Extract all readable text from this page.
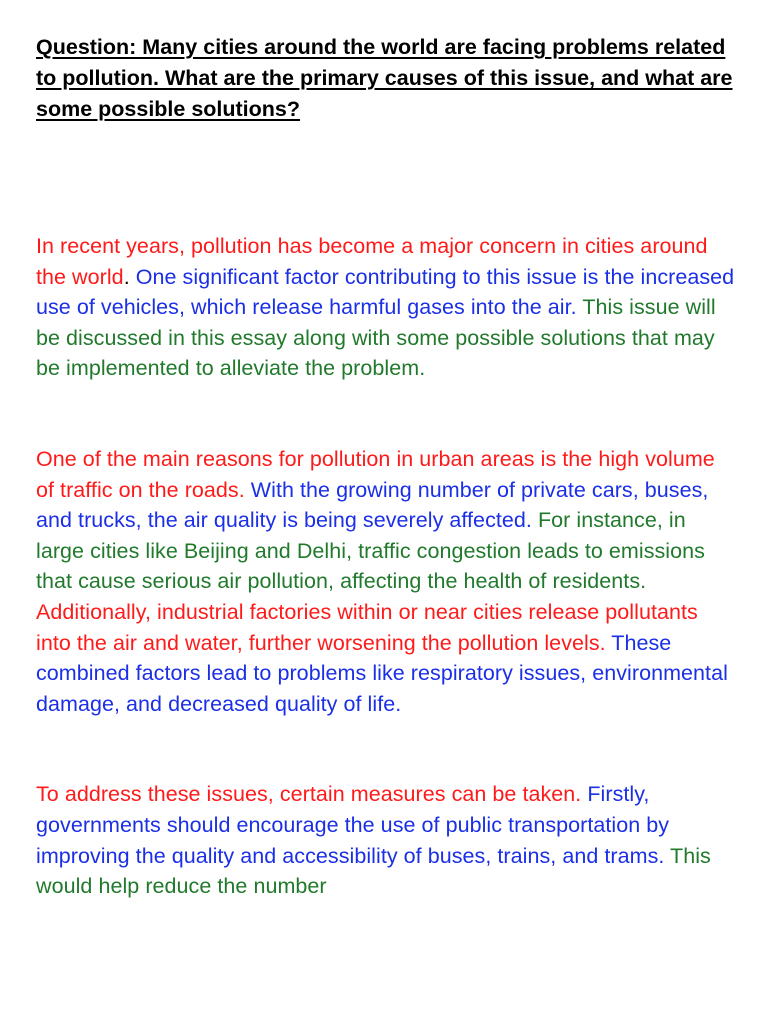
Question: Many cities around the world are facing problems related to pollution. What are the primary causes of this issue, and what are some possible solutions?

In recent years, pollution has become a major concern in cities around the world. One significant factor contributing to this issue is the increased use of vehicles, which release harmful gases into the air. This issue will be discussed in this essay along with some possible solutions that may be implemented to alleviate the problem.

One of the main reasons for pollution in urban areas is the high volume of traffic on the roads. With the growing number of private cars, buses, and trucks, the air quality is being severely affected. For instance, in large cities like Beijing and Delhi, traffic congestion leads to emissions that cause serious air pollution, affecting the health of residents. Additionally, industrial factories within or near cities release pollutants into the air and water, further worsening the pollution levels. These combined factors lead to problems like respiratory issues, environmental damage, and decreased quality of life.

To address these issues, certain measures can be taken. Firstly, governments should encourage the use of public transportation by improving the quality and accessibility of buses, trains, and trams. This would help reduce the number
